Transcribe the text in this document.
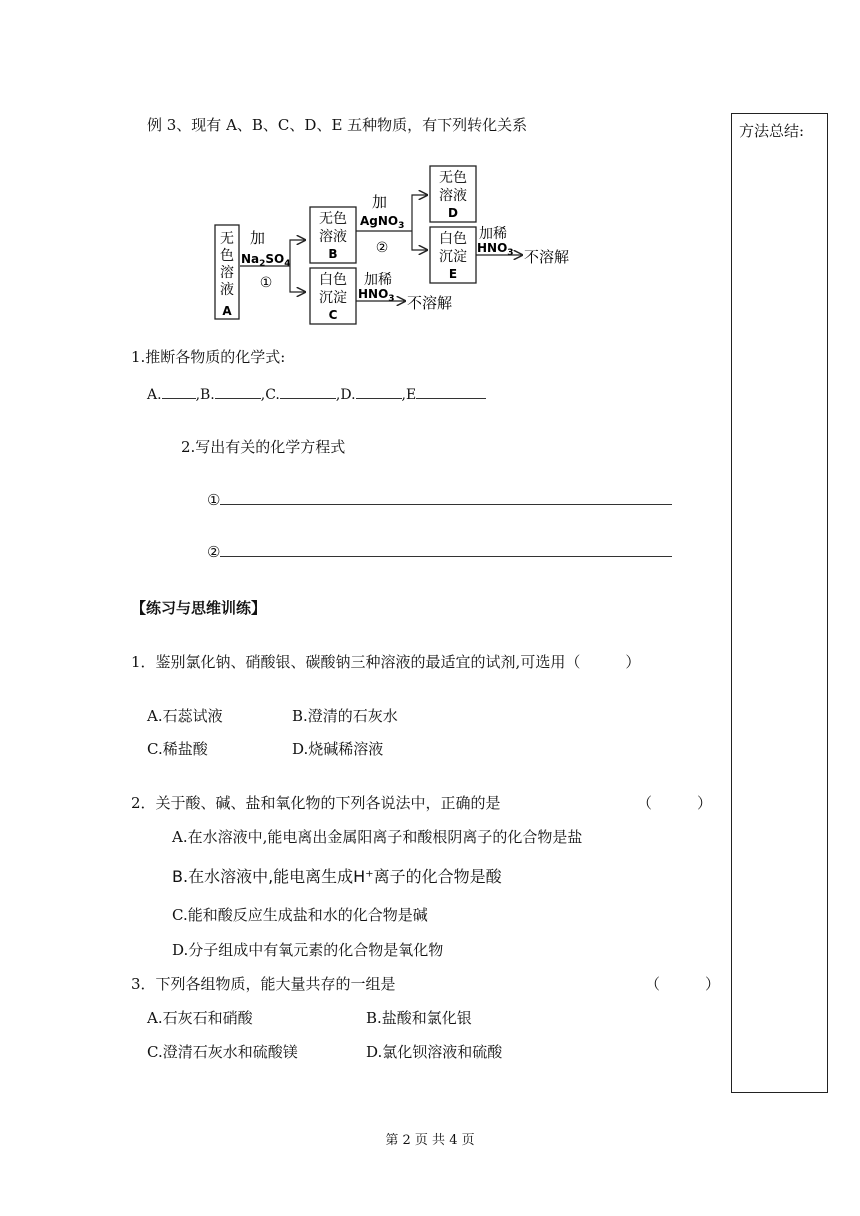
例 3、现有 A、B、C、D、E 五种物质，有下列转化关系	方法总结:
无
色
溶
液
A
加
$Na_2SO_4$
①
无色
溶液
B
白色
沉淀
C
加
AgNO$_3$
②
无色
溶液
D
白色
沉淀
E
加稀
$HNO_3$ 不溶解
加稀
$HNO_3$ 不溶解
1.推断各物质的化学式:
A. ,B.	,C.	,D.	,E
2.写出有关的化学方程式
①
②
【练习与思维训练】
1．鉴别氯化钠、硝酸银、碳酸钠三种溶液的最适宜的试剂,可选用（　　　）
A.石蕊试液	B.澄清的石灰水
C.稀盐酸	D.烧碱稀溶液
2．关于酸、碱、盐和氧化物的下列各说法中，正确的是	（　　　）
A.在水溶液中,能电离出金属阳离子和酸根阴离子的化合物是盐
B.在水溶液中,能电离生成H⁺离子的化合物是酸
C.能和酸反应生成盐和水的化合物是碱
D.分子组成中有氧元素的化合物是氧化物
3．下列各组物质，能大量共存的一组是	（　　　）
A.石灰石和硝酸	B.盐酸和氯化银
C.澄清石灰水和硫酸镁	D.氯化钡溶液和硫酸
第 2 页 共 4 页
